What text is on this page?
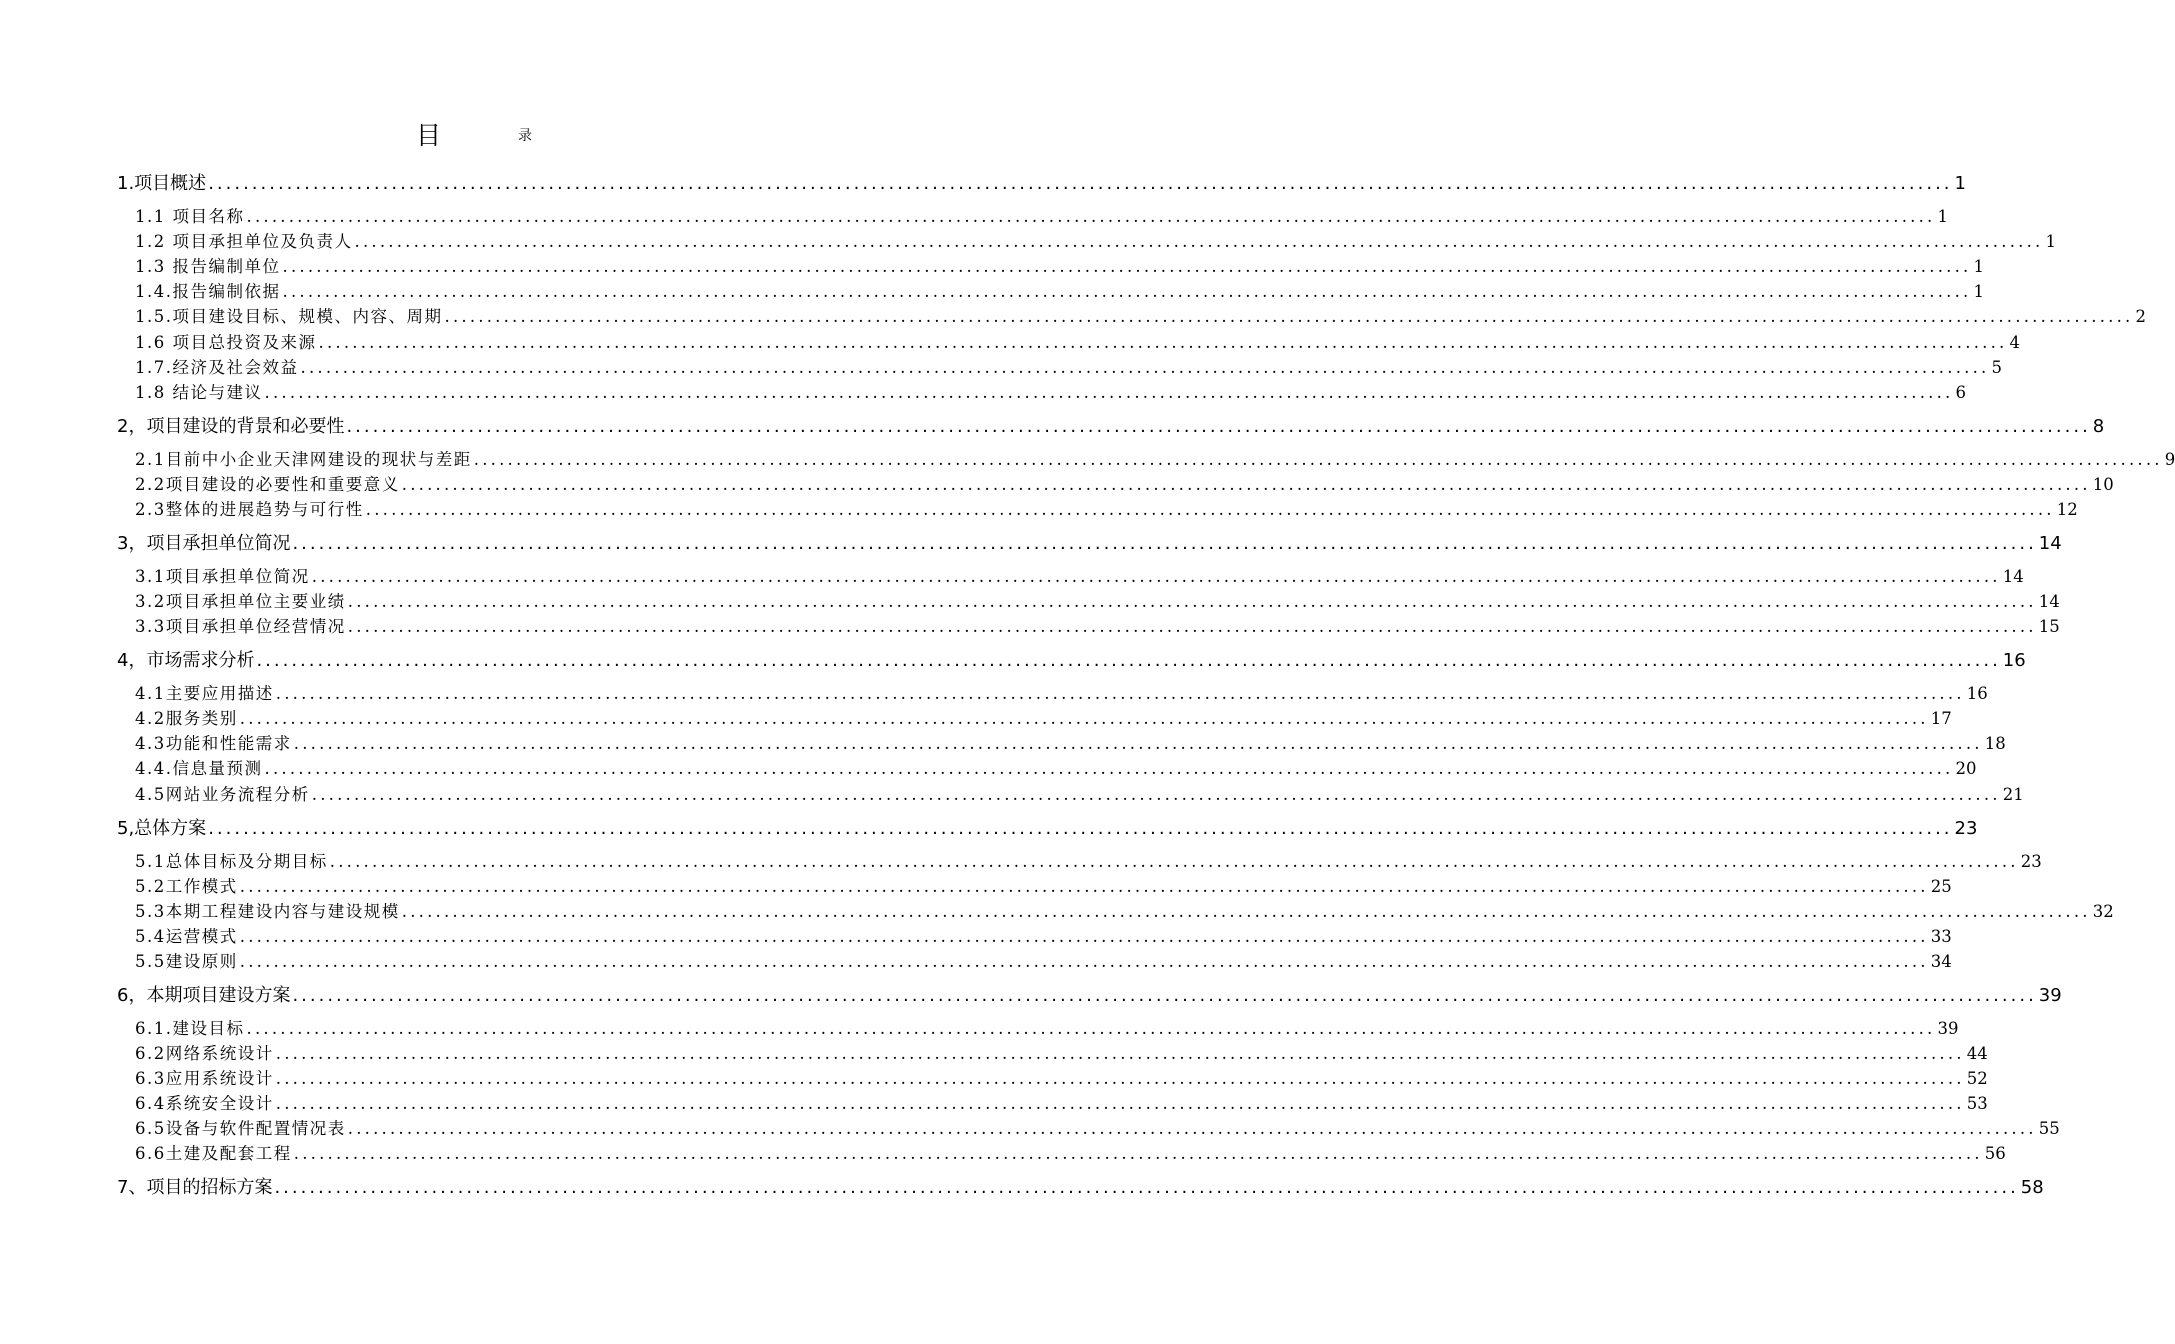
目	录
1.项目概述 ........................................................................................................................................................................................................ 1
1.1 项目名称 ........................................................................................................................................................................................................ 1
1.2 项目承担单位及负责人 ........................................................................................................................................................................................................ 1
1.3 报告编制单位 ........................................................................................................................................................................................................ 1
1.4.报告编制依据 ........................................................................................................................................................................................................ 1
1.5.项目建设目标、规模、内容、周期 ........................................................................................................................................................................................................ 2
1.6 项目总投资及来源 ........................................................................................................................................................................................................ 4
1.7.经济及社会效益 ........................................................................................................................................................................................................ 5
1.8 结论与建议 ........................................................................................................................................................................................................ 6
2，项目建设的背景和必要性 ........................................................................................................................................................................................................ 8
2.1目前中小企业天津网建设的现状与差距 ........................................................................................................................................................................................................ 9
2.2项目建设的必要性和重要意义 ........................................................................................................................................................................................................ 10
2.3整体的进展趋势与可行性 ........................................................................................................................................................................................................ 12
3，项目承担单位简况 ........................................................................................................................................................................................................ 14
3.1项目承担单位简况 ........................................................................................................................................................................................................ 14
3.2项目承担单位主要业绩 ........................................................................................................................................................................................................ 14
3.3项目承担单位经营情况 ........................................................................................................................................................................................................ 15
4，市场需求分析 ........................................................................................................................................................................................................ 16
4.1主要应用描述 ........................................................................................................................................................................................................ 16
4.2服务类别 ........................................................................................................................................................................................................ 17
4.3功能和性能需求 ........................................................................................................................................................................................................ 18
4.4.信息量预测 ........................................................................................................................................................................................................ 20
4.5网站业务流程分析 ........................................................................................................................................................................................................ 21
5,总体方案 ........................................................................................................................................................................................................ 23
5.1总体目标及分期目标 ........................................................................................................................................................................................................ 23
5.2工作模式 ........................................................................................................................................................................................................ 25
5.3本期工程建设内容与建设规模 ........................................................................................................................................................................................................ 32
5.4运营模式 ........................................................................................................................................................................................................ 33
5.5建设原则 ........................................................................................................................................................................................................ 34
6，本期项目建设方案 ........................................................................................................................................................................................................ 39
6.1.建设目标 ........................................................................................................................................................................................................ 39
6.2网络系统设计 ........................................................................................................................................................................................................ 44
6.3应用系统设计 ........................................................................................................................................................................................................ 52
6.4系统安全设计 ........................................................................................................................................................................................................ 53
6.5设备与软件配置情况表 ........................................................................................................................................................................................................ 55
6.6土建及配套工程 ........................................................................................................................................................................................................ 56
7、项目的招标方案 ........................................................................................................................................................................................................ 58
